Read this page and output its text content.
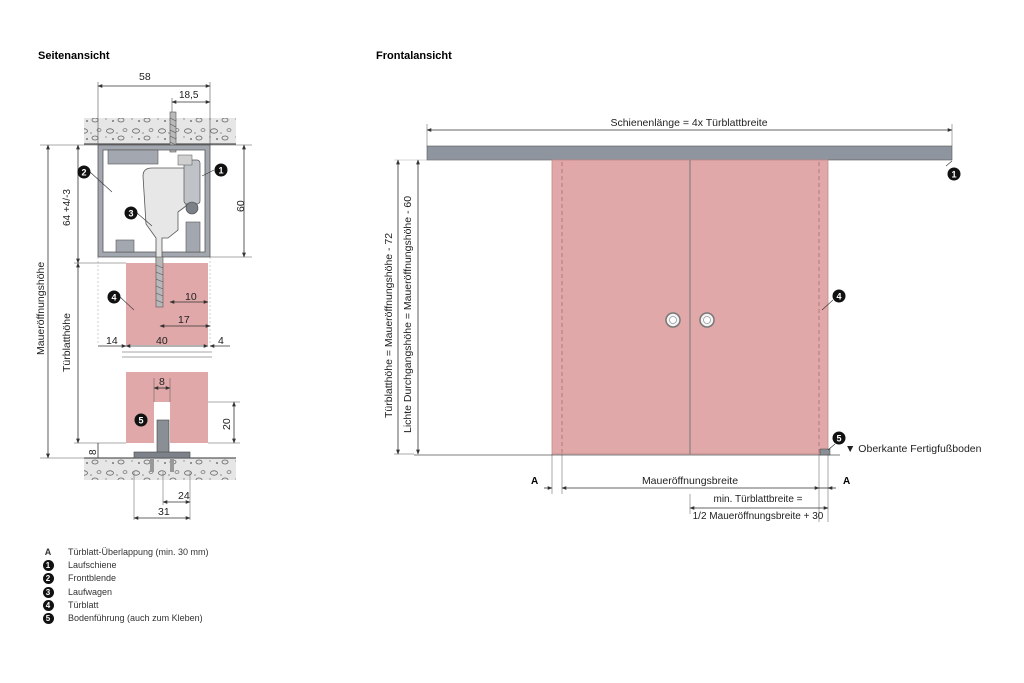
Seitenansicht	Frontalansicht
58
18,5
60
64 +4/-3
Maueröffnungshöhe Türblatthöhe
10
17
14	40	4
8
20
8
24
31
2	1
3
4
5
Schienenlänge = 4x Türblattbreite
1
4
5
▼ Oberkante Fertigfußboden
Türblatthöhe = Maueröffnungshöhe - 72 Lichte Durchgangshöhe = Maueröffnungshöhe - 60
Maueröffnungsbreite
A	A
min. Türblattbreite =
1/2 Maueröffnungsbreite + 30
A Türblatt-Überlappung (min. 30 mm)
1	Laufschiene
2	Frontblende
3	Laufwagen
4	Türblatt
5	Bodenführung (auch zum Kleben)
